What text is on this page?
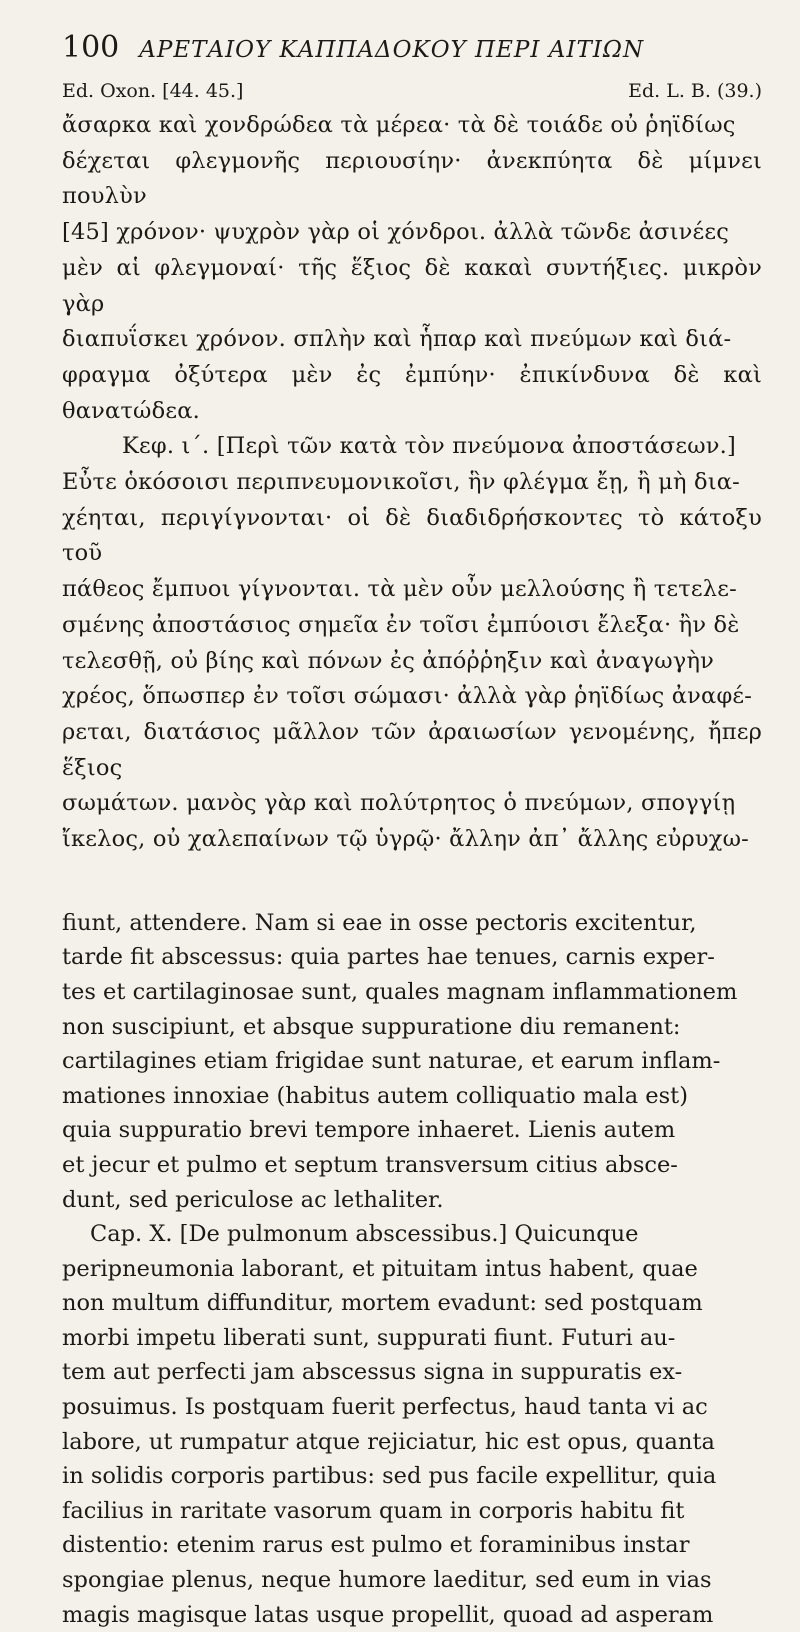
100 ΑΡΕΤΑΙΟΥ ΚΑΠΠΑΔΟΚΟΥ ΠΕΡΙ ΑΙΤΙΩΝ
Ed. Oxon. [44. 45.]	Ed. L. B. (39.)

ἄσαρκα καὶ χονδρώδεα τὰ μέρεα· τὰ δὲ τοιάδε οὐ ῥηϊδίως

δέχεται φλεγμονῆς περιουσίην· ἀνεκπύητα δὲ μίμνει πουλὺν

[45] χρόνον· ψυχρὸν γὰρ οἱ χόνδροι. ἀλλὰ τῶνδε ἀσινέες

μὲν αἱ φλεγμοναί· τῆς ἕξιος δὲ κακαὶ συντήξιες. μικρὸν γὰρ

διαπυΐσκει χρόνον. σπλὴν καὶ ἧπαρ καὶ πνεύμων καὶ διά-

φραγμα ὀξύτερα μὲν ἐς ἐμπύην· ἐπικίνδυνα δὲ καὶ θανατώδεα.

Κεφ. ι΄. [Περὶ τῶν κατὰ τὸν πνεύμονα ἀποστάσεων.]

Εὖτε ὁκόσοισι περιπνευμονικοῖσι, ἣν φλέγμα ἔῃ, ἢ μὴ δια-

χέηται, περιγίγνονται· οἱ δὲ διαδιδρήσκοντες τὸ κάτοξυ τοῦ

πάθεος ἔμπυοι γίγνονται. τὰ μὲν οὖν μελλούσης ἢ τετελε-

σμένης ἀποστάσιος σημεῖα ἐν τοῖσι ἐμπύοισι ἔλεξα· ἢν δὲ

τελεσθῇ, οὐ βίης καὶ πόνων ἐς ἀπόῤῥηξιν καὶ ἀναγωγὴν

χρέος, ὅπωσπερ ἐν τοῖσι σώμασι· ἀλλὰ γὰρ ῥηϊδίως ἀναφέ-

ρεται, διατάσιος μᾶλλον τῶν ἀραιωσίων γενομένης, ἤπερ ἕξιος

σωμάτων. μανὸς γὰρ καὶ πολύτρητος ὁ πνεύμων, σπογγίῃ

ἴκελος, οὐ χαλεπαίνων τῷ ὑγρῷ· ἄλλην ἀπ᾽ ἄλλης εὐρυχω-

fiunt, attendere. Nam si eae in osse pectoris excitentur,

tarde fit abscessus: quia partes hae tenues, carnis exper-

tes et cartilaginosae sunt, quales magnam inflammationem

non suscipiunt, et absque suppuratione diu remanent:

cartilagines etiam frigidae sunt naturae, et earum inflam-

mationes innoxiae (habitus autem colliquatio mala est)

quia suppuratio brevi tempore inhaeret. Lienis autem

et jecur et pulmo et septum transversum citius absce-

dunt, sed periculose ac lethaliter.

Cap. X. [De pulmonum abscessibus.] Quicunque

peripneumonia laborant, et pituitam intus habent, quae

non multum diffunditur, mortem evadunt: sed postquam

morbi impetu liberati sunt, suppurati fiunt. Futuri au-

tem aut perfecti jam abscessus signa in suppuratis ex-

posuimus. Is postquam fuerit perfectus, haud tanta vi ac

labore, ut rumpatur atque rejiciatur, hic est opus, quanta

in solidis corporis partibus: sed pus facile expellitur, quia

facilius in raritate vasorum quam in corporis habitu fit

distentio: etenim rarus est pulmo et foraminibus instar

spongiae plenus, neque humore laeditur, sed eum in vias

magis magisque latas usque propellit, quoad ad asperam
